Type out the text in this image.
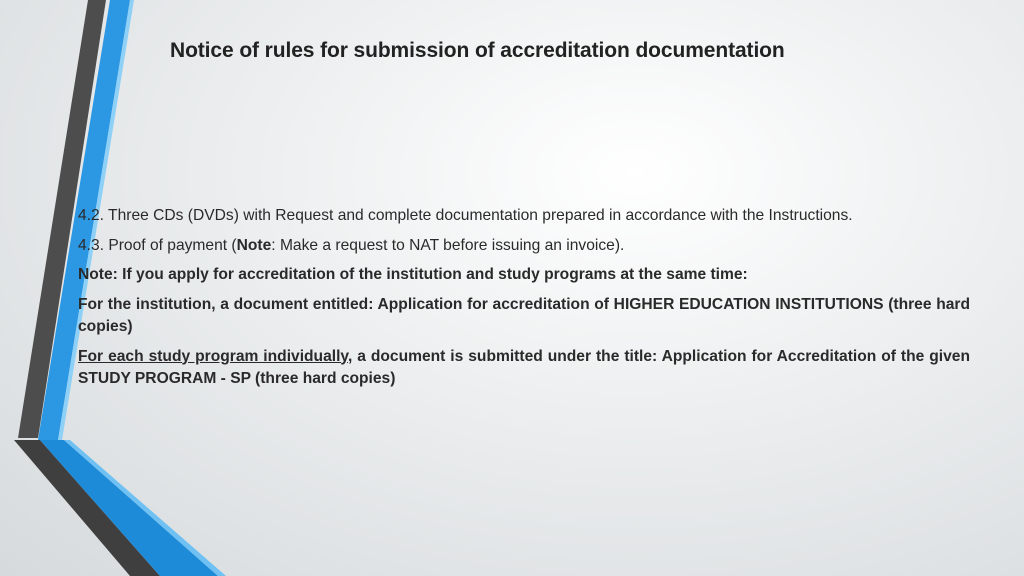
Notice of rules for submission of accreditation documentation

4.2. Three CDs (DVDs) with Request and complete documentation prepared in accordance with the Instructions.

4.3. Proof of payment (Note: Make a request to NAT before issuing an invoice).

Note: If you apply for accreditation of the institution and study programs at the same time:

For the institution, a document entitled: Application for accreditation of HIGHER EDUCATION INSTITUTIONS (three hard copies)

For each study program individually, a document is submitted under the title: Application for Accreditation of the given STUDY PROGRAM - SP (three hard copies)
